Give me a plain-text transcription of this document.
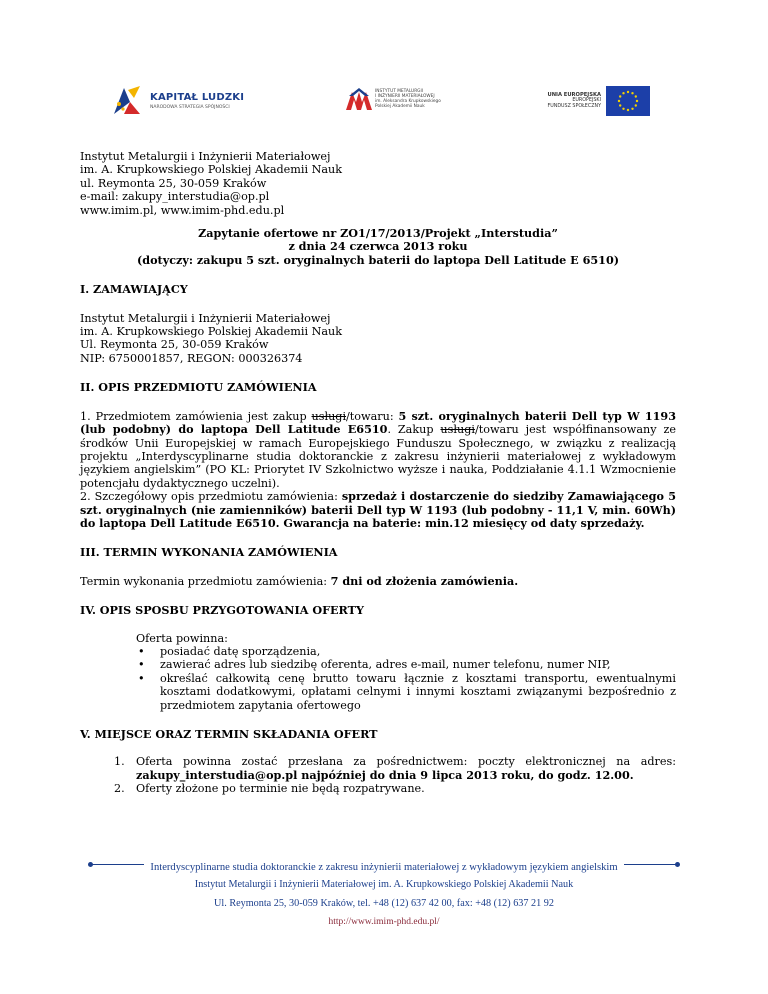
KAPITAŁ LUDZKI
NARODOWA STRATEGIA SPÓJNOŚCI
INSTYTUT METALURGII
I INŻYNIERII MATERIAŁOWEJ
im. Aleksandra Krupkowskiego
Polskiej Akademii Nauk
UNIA EUROPEJSKA
EUROPEJSKI
FUNDUSZ SPOŁECZNY
Instytut Metalurgii i Inżynierii Materiałowej
im. A. Krupkowskiego Polskiej Akademii Nauk
ul. Reymonta 25, 30-059 Kraków
e-mail: zakupy_interstudia@op.pl
www.imim.pl, www.imim-phd.edu.pl
Zapytanie ofertowe nr ZO1/17/2013/Projekt „Interstudia”
z dnia 24 czerwca 2013 roku
(dotyczy: zakupu 5 szt. oryginalnych baterii do laptopa Dell Latitude E 6510)
I. ZAMAWIAJĄCY
Instytut Metalurgii i Inżynierii Materiałowej
im. A. Krupkowskiego Polskiej Akademii Nauk
Ul. Reymonta 25, 30-059 Kraków
NIP: 6750001857, REGON: 000326374
II. OPIS PRZEDMIOTU ZAMÓWIENIA

1. Przedmiotem zamówienia jest zakup usługi/towaru: 5 szt. oryginalnych baterii Dell typ W 1193 (lub podobny) do laptopa Dell Latitude E6510. Zakup usługi/towaru jest współfinansowany ze środków Unii Europejskiej w ramach Europejskiego Funduszu Społecznego, w związku z realizacją projektu „Interdyscyplinarne studia doktoranckie z zakresu inżynierii materiałowej z wykładowym językiem angielskim” (PO KL: Priorytet IV Szkolnictwo wyższe i nauka, Poddziałanie 4.1.1 Wzmocnienie potencjału dydaktycznego uczelni).

2. Szczegółowy opis przedmiotu zamówienia: sprzedaż i dostarczenie do siedziby Zamawiającego 5 szt. oryginalnych (nie zamienników) baterii Dell typ W 1193 (lub podobny - 11,1 V, min. 60Wh) do laptopa Dell Latitude E6510. Gwarancja na baterie: min.12 miesięcy od daty sprzedaży.

III. TERMIN WYKONANIA ZAMÓWIENIA
Termin wykonania przedmiotu zamówienia: 7 dni od złożenia zamówienia.
IV. OPIS SPOSBU PRZYGOTOWANIA OFERTY
Oferta powinna:
• posiadać datę sporządzenia,
• zawierać adres lub siedzibę oferenta, adres e-mail, numer telefonu, numer NIP,
• określać całkowitą cenę brutto towaru łącznie z kosztami transportu, ewentualnymi kosztami dodatkowymi, opłatami celnymi i innymi kosztami związanymi bezpośrednio z przedmiotem zapytania ofertowego
V. MIEJSCE ORAZ TERMIN SKŁADANIA OFERT
1. Oferta powinna zostać przesłana za pośrednictwem: poczty elektronicznej na adres: zakupy_interstudia@op.pl najpóźniej do dnia 9 lipca 2013 roku, do godz. 12.00.
2. Oferty złożone po terminie nie będą rozpatrywane.
Interdyscyplinarne studia doktoranckie z zakresu inżynierii materiałowej z wykładowym językiem angielskim
Instytut Metalurgii i Inżynierii Materiałowej im. A. Krupkowskiego Polskiej Akademii Nauk
Ul. Reymonta 25, 30-059 Kraków, tel. +48 (12) 637 42 00, fax: +48 (12) 637 21 92
http://www.imim-phd.edu.pl/
